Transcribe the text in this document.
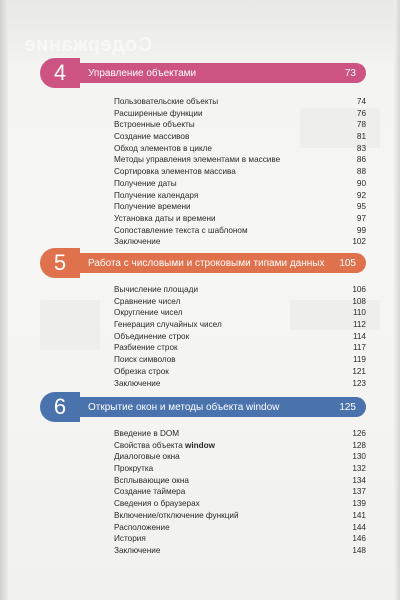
Содержание
4	Управление объектами	73
Пользовательские объекты	74
Расширенные функции	76
Встроенные объекты	78
Создание массивов	81
Обход элементов в цикле	83
Методы управления элементами в массиве	86
Сортировка элементов массива	88
Получение даты	90
Получение календаря	92
Получение времени	95
Установка даты и времени	97
Сопоставление текста с шаблоном	99
Заключение	102
5	Работа с числовыми и строковыми типами данных 105
Вычисление площади	106
Сравнение чисел	108
Округление чисел	110
Генерация случайных чисел	112
Объединение строк	114
Разбиение строк	117
Поиск символов	119
Обрезка строк	121
Заключение	123
6	Открытие окон и методы объекта window	125
Введение в DOM	126
Свойства объекта window	128
Диалоговые окна	130
Прокрутка	132
Всплывающие окна	134
Создание таймера	137
Сведения о браузерах	139
Включение/отключение функций	141
Расположение	144
История	146
Заключение	148
